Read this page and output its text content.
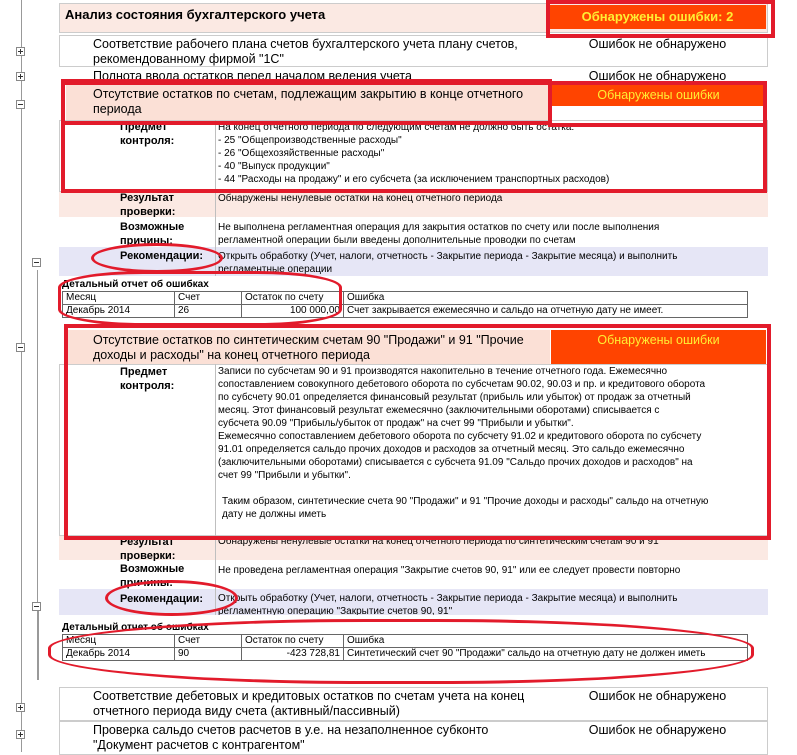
Анализ состояния бухгалтерского учета	Обнаружены ошибки: 2
Соответствие рабочего плана счетов бухгалтерского учета плану счетов, рекомендованному фирмой "1С"
Ошибок не обнаружено
Полнота ввода остатков перед началом ведения учета	Ошибок не обнаружено
Отсутствие остатков по счетам, подлежащим закрытию в конце отчетного периода
Обнаружены ошибки
Предмет контроля:
На конец отчетного периода по следующим счетам не должно быть остатка:
- 25 "Общепроизводственные расходы"
- 26 "Общехозяйственные расходы"
- 40 "Выпуск продукции"
- 44 "Расходы на продажу" и его субсчета (за исключением транспортных расходов)
Результат проверки:
Обнаружены ненулевые остатки на конец отчетного периода
Возможные причины:
Не выполнена регламентная операция для закрытия остатков по счету или после выполнения
регламентной операции были введены дополнительные проводки по счетам
Рекомендации: Открыть обработку (Учет, налоги, отчетность - Закрытие периода - Закрытие месяца) и выполнить
регламентные операции
Детальный отчет об ошибках
Месяц	Счет	Остаток по счету	Ошибка
Декабрь 2014	26	100 000,00	Счет закрывается ежемесячно и сальдо на отчетную дату не имеет.
Отсутствие остатков по синтетическим счетам 90 "Продажи" и 91 "Прочие доходы и расходы" на конец отчетного периода
Обнаружены ошибки
Предмет контроля:
Записи по субсчетам 90 и 91 производятся накопительно в течение отчетного года. Ежемесячно
сопоставлением совокупного дебетового оборота по субсчетам 90.02, 90.03 и пр. и кредитового оборота
по субсчету 90.01 определяется финансовый результат (прибыль или убыток) от продаж за отчетный
месяц. Этот финансовый результат ежемесячно (заключительными оборотами) списывается с
субсчета 90.09 "Прибыль/убыток от продаж" на счет 99 "Прибыли и убытки".
Ежемесячно сопоставлением дебетового оборота по субсчету 91.02 и кредитового оборота по субсчету
91.01 определяется сальдо прочих доходов и расходов за отчетный месяц. Это сальдо ежемесячно
(заключительными оборотами) списывается с субсчета 91.09 "Сальдо прочих доходов и расходов" на
счет 99 "Прибыли и убытки".
Таким образом, синтетические счета 90 "Продажи" и 91 "Прочие доходы и расходы" сальдо на отчетную
дату не должны иметь
Результат проверки:
Обнаружены ненулевые остатки на конец отчетного периода по синтетическим счетам 90 и 91
Возможные причины:
Не проведена регламентная операция "Закрытие счетов 90, 91" или ее следует провести повторно
Рекомендации: Открыть обработку (Учет, налоги, отчетность - Закрытие периода - Закрытие месяца) и выполнить
регламентную операцию "Закрытие счетов 90, 91"
Детальный отчет об ошибках
Месяц	Счет	Остаток по счету	Ошибка
Декабрь 2014	90	-423 728,81	Синтетический счет 90 "Продажи" сальдо на отчетную дату не должен иметь
Соответствие дебетовых и кредитовых остатков по счетам учета на конец отчетного периода виду счета (активный/пассивный)
Ошибок не обнаружено
Проверка сальдо счетов расчетов в у.е. на незаполненное субконто "Документ расчетов с контрагентом"
Ошибок не обнаружено
